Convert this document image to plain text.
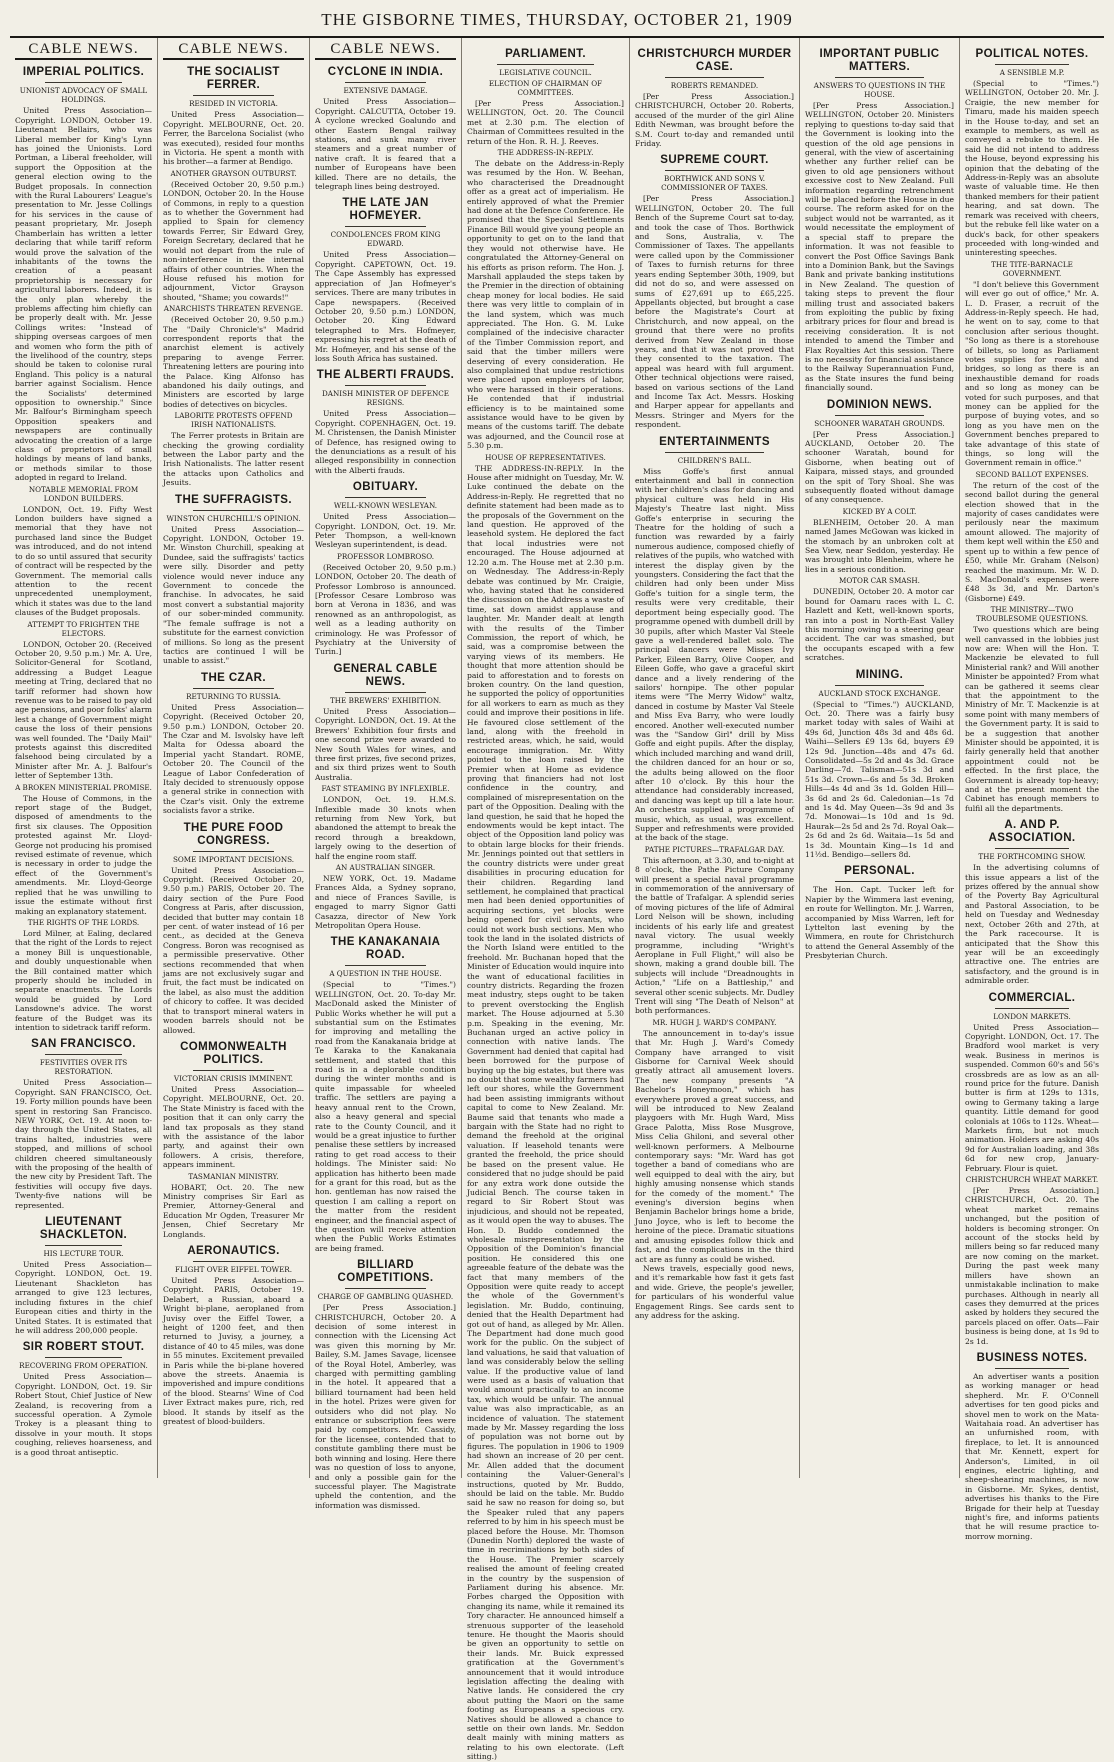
THE GISBORNE TIMES, THURSDAY, OCTOBER 21, 1909
CABLE NEWS.
IMPERIAL POLITICS.
UNIONIST ADVOCACY OF SMALL HOLDINGS.

United Press Association—Copyright. LONDON, October 19. Lieutenant Bellairs, who was Liberal member for King's Lynn has joined the Unionists. Lord Portman, a Liberal freeholder, will support the Opposition at the general election owing to the Budget proposals. In connection with the Rural Labourers' League's presentation to Mr. Jesse Collings for his services in the cause of peasant proprietary, Mr. Joseph Chamberlain has written a letter declaring that while tariff reform would prove the salvation of the inhabitants of the towns the creation of a peasant proprietorship is necessary for agricultural laborers. Indeed, it is the only plan whereby the problems affecting him chiefly can be properly dealt with. Mr. Jesse Collings writes: "Instead of shipping overseas cargoes of men and women who form the pith of the livelihood of the country, steps should be taken to colonise rural England. This policy is a natural barrier against Socialism. Hence the Socialists' determined opposition to ownership." Since Mr. Balfour's Birmingham speech Opposition speakers and newspapers are continually advocating the creation of a large class of proprietors of small holdings by means of land banks, or methods similar to those adopted in regard to Ireland.

NOTABLE MEMORIAL FROM LONDON BUILDERS.

LONDON, Oct. 19. Fifty West London builders have signed a memorial that they have not purchased land since the Budget was introduced, and do not intend to do so until assured that security of contract will be respected by the Government. The memorial calls attention to the recent unprecedented unemployment, which it states was due to the land clauses of the Budget proposals.

ATTEMPT TO FRIGHTEN THE ELECTORS.

LONDON, October 20. (Received October 20, 9.50 p.m.) Mr. A. Ure, Solicitor-General for Scotland, addressing a Budget League meeting at Tring, declared that no tariff reformer had shown how revenue was to be raised to pay old age pensions, and poor folks' alarm lest a change of Government might cause the loss of their pensions was well founded. The "Daily Mail" protests against this discredited falsehood being circulated by a Minister after Mr. A. J. Balfour's letter of September 13th.

A BROKEN MINISTERIAL PROMISE.

The House of Commons, in the report stage of the Budget, disposed of amendments to the first six clauses. The Opposition protested against Mr. Lloyd-George not producing his promised revised estimate of revenue, which is necessary in order to judge the effect of the Government's amendments. Mr. Lloyd-George replied that he was unwilling to issue the estimate without first making an explanatory statement.

THE RIGHTS OF THE LORDS.

Lord Milner, at Ealing, declared that the right of the Lords to reject a money Bill is unquestionable, and doubly unquestionable when the Bill contained matter which properly should be included in separate enactments. The Lords would be guided by Lord Lansdowne's advice. The worst feature of the Budget was its intention to sidetrack tariff reform.

SAN FRANCISCO.
FESTIVITIES OVER ITS RESTORATION.

United Press Association—Copyright. SAN FRANCISCO, Oct. 19. Forty million pounds have been spent in restoring San Francisco. NEW YORK, Oct. 19. At noon to-day through the United States, all trains halted, industries were stopped, and millions of school children cheered simultaneously with the proposing of the health of the new city by President Taft. The festivities will occupy five days. Twenty-five nations will be represented.

LIEUTENANT SHACKLETON.
HIS LECTURE TOUR.

United Press Association—Copyright. LONDON, Oct. 19. Lieutenant Shackleton has arranged to give 123 lectures, including fixtures in the chief European cities and thirty in the United States. It is estimated that he will address 200,000 people.

SIR ROBERT STOUT.
RECOVERING FROM OPERATION.

United Press Association—Copyright. LONDON, Oct. 19. Sir Robert Stout, Chief Justice of New Zealand, is recovering from a successful operation. A Zymole Trokey is a pleasant thing to dissolve in your mouth. It stops coughing, relieves hoarseness, and is a good throat antiseptic.

CABLE NEWS.
THE SOCIALIST FERRER.
RESIDED IN VICTORIA.

United Press Association—Copyright. MELBOURNE, Oct. 20. Ferrer, the Barcelona Socialist (who was executed), resided four months in Victoria. He spent a month with his brother—a farmer at Bendigo.

ANOTHER GRAYSON OUTBURST.

(Received October 20, 9.50 p.m.) LONDON, October 20. In the House of Commons, in reply to a question as to whether the Government had applied to Spain for clemency towards Ferrer, Sir Edward Grey, Foreign Secretary, declared that he would not depart from the rule of non-interference in the internal affairs of other countries. When the House refused his motion for adjournment, Victor Grayson shouted, "Shame; you cowards!"

ANARCHISTS THREATEN REVENGE.

(Received October 20, 9.50 p.m.) The "Daily Chronicle's" Madrid correspondent reports that the anarchist element is actively preparing to avenge Ferrer. Threatening letters are pouring into the Palace. King Alfonso has abandoned his daily outings, and Ministers are escorted by large bodies of detectives on bicycles.

LABORITE PROTESTS OFFEND IRISH NATIONALISTS.

The Ferrer protests in Britain are checking the growing cordiality between the Labor party and the Irish Nationalists. The latter resent the attacks upon Catholics and Jesuits.

THE SUFFRAGISTS.
WINSTON CHURCHILL'S OPINION.

United Press Association—Copyright. LONDON, October 19. Mr. Winston Churchill, speaking at Dundee, said the suffragists' tactics were silly. Disorder and petty violence would never induce any Government to concede the franchise. In advocates, he said most convert a substantial majority of our sober-minded community. "The female suffrage is not a substitute for the earnest conviction of millions. So long as the present tactics are continued I will be unable to assist."

THE CZAR.
RETURNING TO RUSSIA.

United Press Association—Copyright. (Received October 20, 9.50 p.m.) LONDON, October 20. The Czar and M. Isvolsky have left Malta for Odessa aboard the Imperial yacht Standart. ROME, October 20. The Council of the League of Labor Confederation of Italy decided to strenuously oppose a general strike in connection with the Czar's visit. Only the extreme socialists favor a strike.

THE PURE FOOD CONGRESS.
SOME IMPORTANT DECISIONS.

United Press Association—Copyright. (Received October 20, 9.50 p.m.) PARIS, October 20. The dairy section of the Pure Food Congress at Paris, after discussion, decided that butter may contain 18 per cent. of water instead of 16 per cent., as decided at the Geneva Congress. Boron was recognised as a permissible preservative. Other sections recommended that when jams are not exclusively sugar and fruit, the fact must be indicated on the label, as also must the addition of chicory to coffee. It was decided that to transport mineral waters in wooden barrels should not be allowed.

COMMONWEALTH POLITICS.
VICTORIAN CRISIS IMMINENT.

United Press Association—Copyright. MELBOURNE, Oct. 20. The State Ministry is faced with the position that it can only carry the land tax proposals as they stand with the assistance of the labor party, and against their own followers. A crisis, therefore, appears imminent.

TASMANIAN MINISTRY.

HOBART, Oct. 20. The new Ministry comprises Sir Earl as Premier, Attorney-General and Education Mr Ogden, Treasurer Mr Jensen, Chief Secretary Mr Longlands.

AERONAUTICS.
FLIGHT OVER EIFFEL TOWER.

United Press Association—Copyright. PARIS, October 19. Delabert, a Russian, aboard a Wright bi-plane, aeroplaned from Juvisy over the Eiffel Tower, a height of 1200 feet, and then returned to Juvisy, a journey, a distance of 40 to 45 miles, was done in 55 minutes. Excitement prevailed in Paris while the bi-plane hovered above the streets. Anaemia is impoverished and impure conditions of the blood. Stearns' Wine of Cod Liver Extract makes pure, rich, red blood. It stands by itself as the greatest of blood-builders.

CABLE NEWS.
CYCLONE IN INDIA.
EXTENSIVE DAMAGE.

United Press Association—Copyright. CALCUTTA, October 19. A cyclone wrecked Goalundo and other Eastern Bengal railway stations, and sunk many river steamers and a great number of native craft. It is feared that a number of Europeans have been killed. There are no details, the telegraph lines being destroyed.

THE LATE JAN HOFMEYER.
CONDOLENCES FROM KING EDWARD.

United Press Association—Copyright. CAPETOWN, Oct. 19. The Cape Assembly has expressed appreciation of Jan Hofmeyer's services. There are many tributes in Cape newspapers. (Received October 20, 9.50 p.m.) LONDON, October 20. King Edward telegraphed to Mrs. Hofmeyer, expressing his regret at the death of Mr. Hofmeyer, and his sense of the loss South Africa has sustained.

THE ALBERTI FRAUDS.
DANISH MINISTER OF DEFENCE RESIGNS.

United Press Association—Copyright. COPENHAGEN, Oct. 19. M. Christensen, the Danish Minister of Defence, has resigned owing to the denunciations as a result of his alleged responsibility in connection with the Alberti frauds.

OBITUARY.
WELL-KNOWN WESLEYAN.

United Press Association—Copyright. LONDON, Oct. 19. Mr. Peter Thompson, a well-known Wesleyan superintendent, is dead.

PROFESSOR LOMBROSO.

(Received October 20, 9.50 p.m.) LONDON, October 20. The death of Professor Lombroso is announced. [Professor Cesare Lombroso was born at Verona in 1836, and was renowned as an anthropologist, as well as a leading authority on criminology. He was Professor of Psychiatry at the University of Turin.]

GENERAL CABLE NEWS.
THE BREWERS' EXHIBITION.

United Press Association—Copyright. LONDON, Oct. 19. At the Brewers' Exhibition four firsts and one second prize were awarded to New South Wales for wines, and three first prizes, five second prizes, and six third prizes went to South Australia.

FAST STEAMING BY INFLEXIBLE.

LONDON, Oct. 19. H.M.S. Inflexible made 30 knots when returning from New York, but abandoned the attempt to break the record through a breakdown, largely owing to the desertion of half the engine room staff.

AN AUSTRALIAN SINGER.

NEW YORK, Oct. 19. Madame Frances Alda, a Sydney soprano, and niece of Frances Saville, is engaged to marry Signor Gatti Casazza, director of New York Metropolitan Opera House.

THE KANAKANAIA ROAD.
A QUESTION IN THE HOUSE.

(Special to "Times.") WELLINGTON, Oct. 20. To-day Mr. MacDonald asked the Minister of Public Works whether he will put a substantial sum on the Estimates for improving and metalling the road from the Kanakanaia bridge at Te Karaka to the Kanakanaia settlement, and stated that this road is in a deplorable condition during the winter months and is quite impassable for wheeled traffic. The settlers are paying a heavy annual rent to the Crown, also a heavy general and special rate to the County Council, and it would be a great injustice to further penalise these settlers by increased rating to get road access to their holdings. The Minister said: No application has hitherto been made for a grant for this road, but as the hon. gentleman has now raised the question I am calling a report on the matter from the resident engineer, and the financial aspect of the question will receive attention when the Public Works Estimates are being framed.

BILLIARD COMPETITIONS.
CHARGE OF GAMBLING QUASHED.

[Per Press Association.] CHRISTCHURCH, October 20. A decision of some interest in connection with the Licensing Act was given this morning by Mr. Bailey, S.M. James Savage, licensee of the Royal Hotel, Amberley, was charged with permitting gambling in the hotel. It appeared that a billiard tournament had been held in the hotel. Prizes were given for outsiders who did not play. No entrance or subscription fees were paid by competitors. Mr. Cassidy, for the licensee, contended that to constitute gambling there must be both winning and losing. Here there was no question of loss to anyone, and only a possible gain for the successful player. The Magistrate upheld the contention, and the information was dismissed.

PARLIAMENT.
LEGISLATIVE COUNCIL.
ELECTION OF CHAIRMAN OF COMMITTEES.

[Per Press Association.] WELLINGTON, Oct. 20. The Council met at 2.30 p.m. The election of Chairman of Committees resulted in the return of the Hon. R. H. J. Reeves.

THE ADDRESS-IN-REPLY.

The debate on the Address-in-Reply was resumed by the Hon. W. Beehan, who characterised the Dreadnought offer as a great act of imperialism. He entirely approved of what the Premier had done at the Defence Conference. He promised that the Special Settlements Finance Bill would give young people an opportunity to get on to the land that they would not otherwise have. He congratulated the Attorney-General on his efforts as prison reform. The Hon. J. Marshall applauded the steps taken by the Premier in the direction of obtaining cheap money for local bodies. He said there was very little to complain of in the land system, which was much appreciated. The Hon. G. M. Luke complained of the indecisive character of the Timber Commission report, and said that the timber millers were deserving of every consideration. He also complained that undue restrictions were placed upon employers of labor, who were harassed in their operations. He contended that if industrial efficiency is to be maintained some assistance would have to be given by means of the customs tariff. The debate was adjourned, and the Council rose at 5.30 p.m.

HOUSE OF REPRESENTATIVES.

THE ADDRESS-IN-REPLY. In the House after midnight on Tuesday, Mr. W. Luke continued the debate on the Address-in-Reply. He regretted that no definite statement had been made as to the proposals of the Government on the land question. He approved of the leasehold system. He deplored the fact that local industries were not encouraged. The House adjourned at 12.20 a.m. The House met at 2.30 p.m. on Wednesday. The Address-in-Reply debate was continued by Mr. Craigie, who, having stated that he considered the discussion on the Address a waste of time, sat down amidst applause and laughter. Mr. Mander dealt at length with the results of the Timber Commission, the report of which, he said, was a compromise between the varying views of its members. He thought that more attention should be paid to afforestation and to forests on broken country. On the land question, he supported the policy of opportunities for all workers to earn as much as they could and improve their positions in life. He favoured close settlement of the land, along with the freehold in restricted areas, which, he said, would encourage immigration. Mr. Witty pointed to the loan raised by the Premier when at Home as evidence proving that financiers had not lost confidence in the country, and complained of misrepresentation on the part of the Opposition. Dealing with the land question, he said that he hoped the endowments would be kept intact. The object of the Opposition land policy was to obtain large blocks for their friends. Mr. Jennings pointed out that settlers in the country districts were under great disabilities in procuring education for their children. Regarding land settlement, he complained that practical men had been denied opportunities of acquiring sections, yet blocks were being opened for civil servants, who could not work bush sections. Men who took the land in the isolated districts of the North Island were entitled to the freehold. Mr. Buchanan hoped that the Minister of Education would inquire into the want of educational facilities in country districts. Regarding the frozen meat industry, steps ought to be taken to prevent overstocking the English market. The House adjourned at 5.30 p.m. Speaking in the evening, Mr. Buchanan urged an active policy in connection with native lands. The Government had denied that capital had been borrowed for the purpose of buying up the big estates, but there was no doubt that some wealthy farmers had left our shores, while the Government had been assisting immigrants without capital to come to New Zealand. Mr. Baume said that tenants who made a bargain with the State had no right to demand the freehold at the original valuation. If leasehold tenants were granted the freehold, the price should be based on the present value. He considered that no judge should be paid for any extra work done outside the Judicial Bench. The course taken in regard to Sir Robert Stout was injudicious, and should not be repeated, as it would open the way to abuses. The Hon. D. Buddo condemned the wholesale misrepresentation by the Opposition of the Dominion's financial position. He considered this one agreeable feature of the debate was the fact that many members of the Opposition were quite ready to accept the whole of the Government's legislation. Mr. Buddo, continuing, denied that the Health Department had got out of hand, as alleged by Mr. Allen. The Department had done much good work for the public. On the subject of land valuations, he said that valuation of land was considerably below the selling value. If the productive value of land were used as a basis of valuation that would amount practically to an income tax, which would be unfair. The annual value was also impracticable, as an incidence of valuation. The statement made by Mr. Massey regarding the loss of population was not borne out by figures. The population in 1906 to 1909 had shown an increase of 20 per cent. Mr. Allen added that the document containing the Valuer-General's instructions, quoted by Mr. Buddo, should be laid on the table. Mr. Buddo said he saw no reason for doing so, but the Speaker ruled that any papers referred to by him in his speech must be placed before the House. Mr. Thomson (Dunedin North) deplored the waste of time in recriminations by both sides of the House. The Premier scarcely realised the amount of feeling created in the country by the suspension of Parliament during his absence. Mr. Forbes charged the Opposition with changing its name, while it remained its Tory character. He announced himself a strenuous supporter of the leasehold tenure. He thought the Maoris should be given an opportunity to settle on their lands. Mr. Buick expressed gratification at the Government's announcement that it would introduce legislation affecting the dealing with Native lands. He considered the cry about putting the Maori on the same footing as Europeans a specious cry. Natives should be allowed a chance to settle on their own lands. Mr. Seddon dealt mainly with mining matters as relating to his own electorate. (Left sitting.)

CHRISTCHURCH MURDER CASE.
ROBERTS REMANDED.

[Per Press Association.] CHRISTCHURCH, October 20. Roberts, accused of the murder of the girl Aline Edith Newman, was brought before the S.M. Court to-day and remanded until Friday.

SUPREME COURT.
BORTHWICK AND SONS V. COMMISSIONER OF TAXES.

[Per Press Association.] WELLINGTON, October 20. The full Bench of the Supreme Court sat to-day, and took the case of Thos. Borthwick and Sons, Australia, v. The Commissioner of Taxes. The appellants were called upon by the Commissioner of Taxes to furnish returns for three years ending September 30th, 1909, but did not do so, and were assessed on sums of £27,691 up to £65,225. Appellants objected, but brought a case before the Magistrate's Court at Christchurch, and now appeal, on the ground that there were no profits derived from New Zealand in those years, and that it was not proved that they consented to the taxation. The appeal was heard with full argument. Other technical objections were raised, based on various sections of the Land and Income Tax Act. Messrs. Hosking and Harper appear for appellants and Messrs. Stringer and Myers for the respondent.

ENTERTAINMENTS
CHILDREN'S BALL.

Miss Goffe's first annual entertainment and ball in connection with her children's class for dancing and physical culture was held in His Majesty's Theatre last night. Miss Goffe's enterprise in securing the Theatre for the holding of such a function was rewarded by a fairly numerous audience, composed chiefly of relatives of the pupils, who watched with interest the display given by the youngsters. Considering the fact that the children had only been under Miss Goffe's tuition for a single term, the results were very creditable, their deportment being especially good. The programme opened with dumbell drill by 30 pupils, after which Master Val Steele gave a well-rendered ballet solo. The principal dancers were Misses Ivy Parker, Eileen Barry, Olive Cooper, and Eileen Goffe, who gave a graceful skirt dance and a lively rendering of the sailors' hornpipe. The other popular items were "The Merry Widow" waltz, danced in costume by Master Val Steele and Miss Eva Barry, who were loudly encored. Another well-executed number was the "Sandow Girl" drill by Miss Goffe and eight pupils. After the display, which included marching and wand drill, the children danced for an hour or so, the adults being allowed on the floor after 10 o'clock. By this hour the attendance had considerably increased, and dancing was kept up till a late hour. An orchestra supplied a programme of music, which, as usual, was excellent. Supper and refreshments were provided at the back of the stage.

PATHE PICTURES—TRAFALGAR DAY.

This afternoon, at 3.30, and to-night at 8 o'clock, the Pathe Picture Company will present a special naval programme in commemoration of the anniversary of the battle of Trafalgar. A splendid series of moving pictures of the life of Admiral Lord Nelson will be shown, including incidents of his early life and greatest naval victory. The usual weekly programme, including "Wright's Aeroplane in Full Flight," will also be shown, making a grand double bill. The subjects will include "Dreadnoughts in Action," "Life on a Battleship," and several other scenic subjects. Mr. Dudley Trent will sing "The Death of Nelson" at both performances.

MR. HUGH J. WARD'S COMPANY.

The announcement in to-day's issue that Mr. Hugh J. Ward's Comedy Company have arranged to visit Gisborne for Carnival Week should greatly attract all amusement lovers. The new company presents "A Bachelor's Honeymoon," which has everywhere proved a great success, and will be introduced to New Zealand playgoers with Mr. Hugh Ward, Miss Grace Palotta, Miss Rose Musgrove, Miss Celia Ghiloni, and several other well-known performers. A Melbourne contemporary says: "Mr. Ward has got together a band of comedians who are well equipped to deal with the airy, but highly amusing nonsense which stands for the comedy of the moment." The evening's diversion begins when Benjamin Bachelor brings home a bride, Juno Joyce, who is left to become the heroine of the piece. Dramatic situations and amusing episodes follow thick and fast, and the complications in the third act are as funny as could be wished.

News travels, especially good news, and it's remarkable how fast it gets fast and wide. Grieve, the people's jeweller, for particulars of his wonderful value Engagement Rings. See cards sent to any address for the asking.

IMPORTANT PUBLIC MATTERS.
ANSWERS TO QUESTIONS IN THE HOUSE.

[Per Press Association.] WELLINGTON, October 20. Ministers replying to questions to-day said that the Government is looking into the question of the old age pensions in general, with the view of ascertaining whether any further relief can be given to old age pensioners without excessive cost to New Zealand. Full information regarding retrenchment will be placed before the House in due course. The reform asked for on the subject would not be warranted, as it would necessitate the employment of a special staff to prepare the information. It was not feasible to convert the Post Office Savings Bank into a Dominion Bank, but the Savings Bank and private banking institutions in New Zealand. The question of taking steps to prevent the flour milling trust and associated bakers from exploiting the public by fixing arbitrary prices for flour and bread is receiving consideration. It is not intended to amend the Timber and Flax Royalties Act this session. There is no necessity for financial assistance to the Railway Superannuation Fund, as the State insures the fund being financially sound.

DOMINION NEWS.
SCHOONER WARATAH GROUNDS.

[Per Press Association.] AUCKLAND, October 20. The schooner Waratah, bound for Gisborne, when beating out of Kaipara, missed stays, and grounded on the spit of Tory Shoal. She was subsequently floated without damage of any consequence.

KICKED BY A COLT.

BLENHEIM, October 20. A man named James McGowan was kicked in the stomach by an unbroken colt at Sea View, near Seddon, yesterday. He was brought into Blenheim, where he lies in a serious condition.

MOTOR CAR SMASH.

DUNEDIN, October 20. A motor car bound for Oamaru races with L. C. Hazlett and Kett, well-known sports, ran into a post in North-East Valley this morning owing to a steering gear accident. The car was smashed, but the occupants escaped with a few scratches.

MINING.
AUCKLAND STOCK EXCHANGE.

(Special to "Times.") AUCKLAND, Oct. 20. There was a fairly busy market today with sales of Waihi at 49s 6d, Junction 48s 3d and 48s 6d. Waihi—Sellers £9 13s 6d, buyers £9 12s 9d. Junction—48s and 47s 6d. Consolidated—5s 2d and 4s 3d. Grace Darling—7d. Talisman—51s 3d and 51s 3d. Crown—6s and 5s 3d. Broken Hills—4s 4d and 3s 1d. Golden Hill—3s 6d and 2s 6d. Caledonian—1s 7d and 1s 4d. May Queen—3s 9d and 3s 7d. Monowai—1s 10d and 1s 9d. Haurak—2s 5d and 2s 7d. Royal Oak—2s 6d and 2s 6d. Waitaia—1s 5d and 1s 3d. Mountain King—1s 1d and 11½d. Bendigo—sellers 8d.

PERSONAL.

The Hon. Capt. Tucker left for Napier by the Wimmera last evening, en route for Wellington. Mr. J. Warren, accompanied by Miss Warren, left for Lyttelton last evening by the Wimmera, en route for Christchurch to attend the General Assembly of the Presbyterian Church.

POLITICAL NOTES.
A SENSIBLE M.P.

(Special to "Times.") WELLINGTON, October 20. Mr. J. Craigie, the new member for Timaru, made his maiden speech in the House to-day, and set an example to members, as well as conveyed a rebuke to them. He said he did not intend to address the House, beyond expressing his opinion that the debating of the Address-in-Reply was an absolute waste of valuable time. He then thanked members for their patient hearing, and sat down. The remark was received with cheers, but the rebuke fell like water on a duck's back, for other speakers proceeded with long-winded and uninteresting speeches.

THE TITE-BARNACLE GOVERNMENT.

"I don't believe this Government will ever go out of office," Mr. A. L. D. Fraser, a recruit of the Address-in-Reply speech. He had, he went on to say, come to that conclusion after serious thought. "So long as there is a storehouse of billets, so long as Parliament votes supplies for roads and bridges, so long as there is an inexhaustible demand for roads and so long as money can be voted for such purposes, and that money can be applied for the purpose of buying votes, and so long as you have men on the Government benches prepared to take advantage of this state of things, so long will the Government remain in office."

SECOND BALLOT EXPENSES.

The return of the cost of the second ballot during the general election showed that in the majority of cases candidates were perilously near the maximum amount allowed. The majority of them kept well within the £50 and spent up to within a few pence of £50, while Mr. Graham (Nelson) reached the maximum. Mr. W. D. S. MacDonald's expenses were £48 3s 3d, and Mr. Darton's (Gisborne) £49.

THE MINISTRY—TWO TROUBLESOME QUESTIONS.

Two questions which are being well canvassed in the lobbies just now are: When will the Hon. T. Mackenzie be elevated to full Ministerial rank? and Will another Minister be appointed? From what can be gathered it seems clear that the appointment to the Ministry of Mr. T. Mackenzie is at some point with many members of the Government party. It is said to be a suggestion that another Minister should be appointed, it is fairly generally held that another appointment could not be effected. In the first place, the Government is already top-heavy; and at the present moment the Cabinet has enough members to fulfil all the departments.

A. AND P. ASSOCIATION.
THE FORTHCOMING SHOW.

In the advertising columns of this issue appears a list of the prizes offered by the annual show of the Poverty Bay Agricultural and Pastoral Association, to be held on Tuesday and Wednesday next, October 26th and 27th, at the Park racecourse. It is anticipated that the Show this year will be an exceedingly attractive one. The entries are satisfactory, and the ground is in admirable order.

COMMERCIAL.
LONDON MARKETS.

United Press Association—Copyright. LONDON, Oct. 17. The Bradford wool market is very weak. Business in merinos is suspended. Common 60's and 56's crossbreds are as low as an all-round price for the future. Danish butter is firm at 129s to 131s, owing to Germany taking a large quantity. Little demand for good colonials at 106s to 112s. Wheat—Markets firm, but not much animation. Holders are asking 40s 9d for Australian loading, and 38s 6d for new crop, January-February. Flour is quiet.

CHRISTCHURCH WHEAT MARKET.

[Per Press Association.] CHRISTCHURCH, Oct. 20. The wheat market remains unchanged, but the position of holders is becoming stronger. On account of the stocks held by millers being so far reduced many are now coming on the market. During the past week many millers have shown an unmistakable inclination to make purchases. Although in nearly all cases they demurred at the prices asked by holders they secured the parcels placed on offer. Oats—Fair business is being done, at 1s 9d to 2s 1d.

BUSINESS NOTES.

An advertiser wants a position as working manager or head shepherd. Mr. F. O'Connell advertises for ten good picks and shovel men to work on the Mata-Waitahaia road. An advertiser has an unfurnished room, with fireplace, to let. It is announced that Mr. Kennett, expert for Anderson's, Limited, in oil engines, electric lighting, and sheep-shearing machines, is now in Gisborne. Mr. Sykes, dentist, advertises his thanks to the Fire Brigade for their help at Tuesday night's fire, and informs patients that he will resume practice to-morrow morning.
